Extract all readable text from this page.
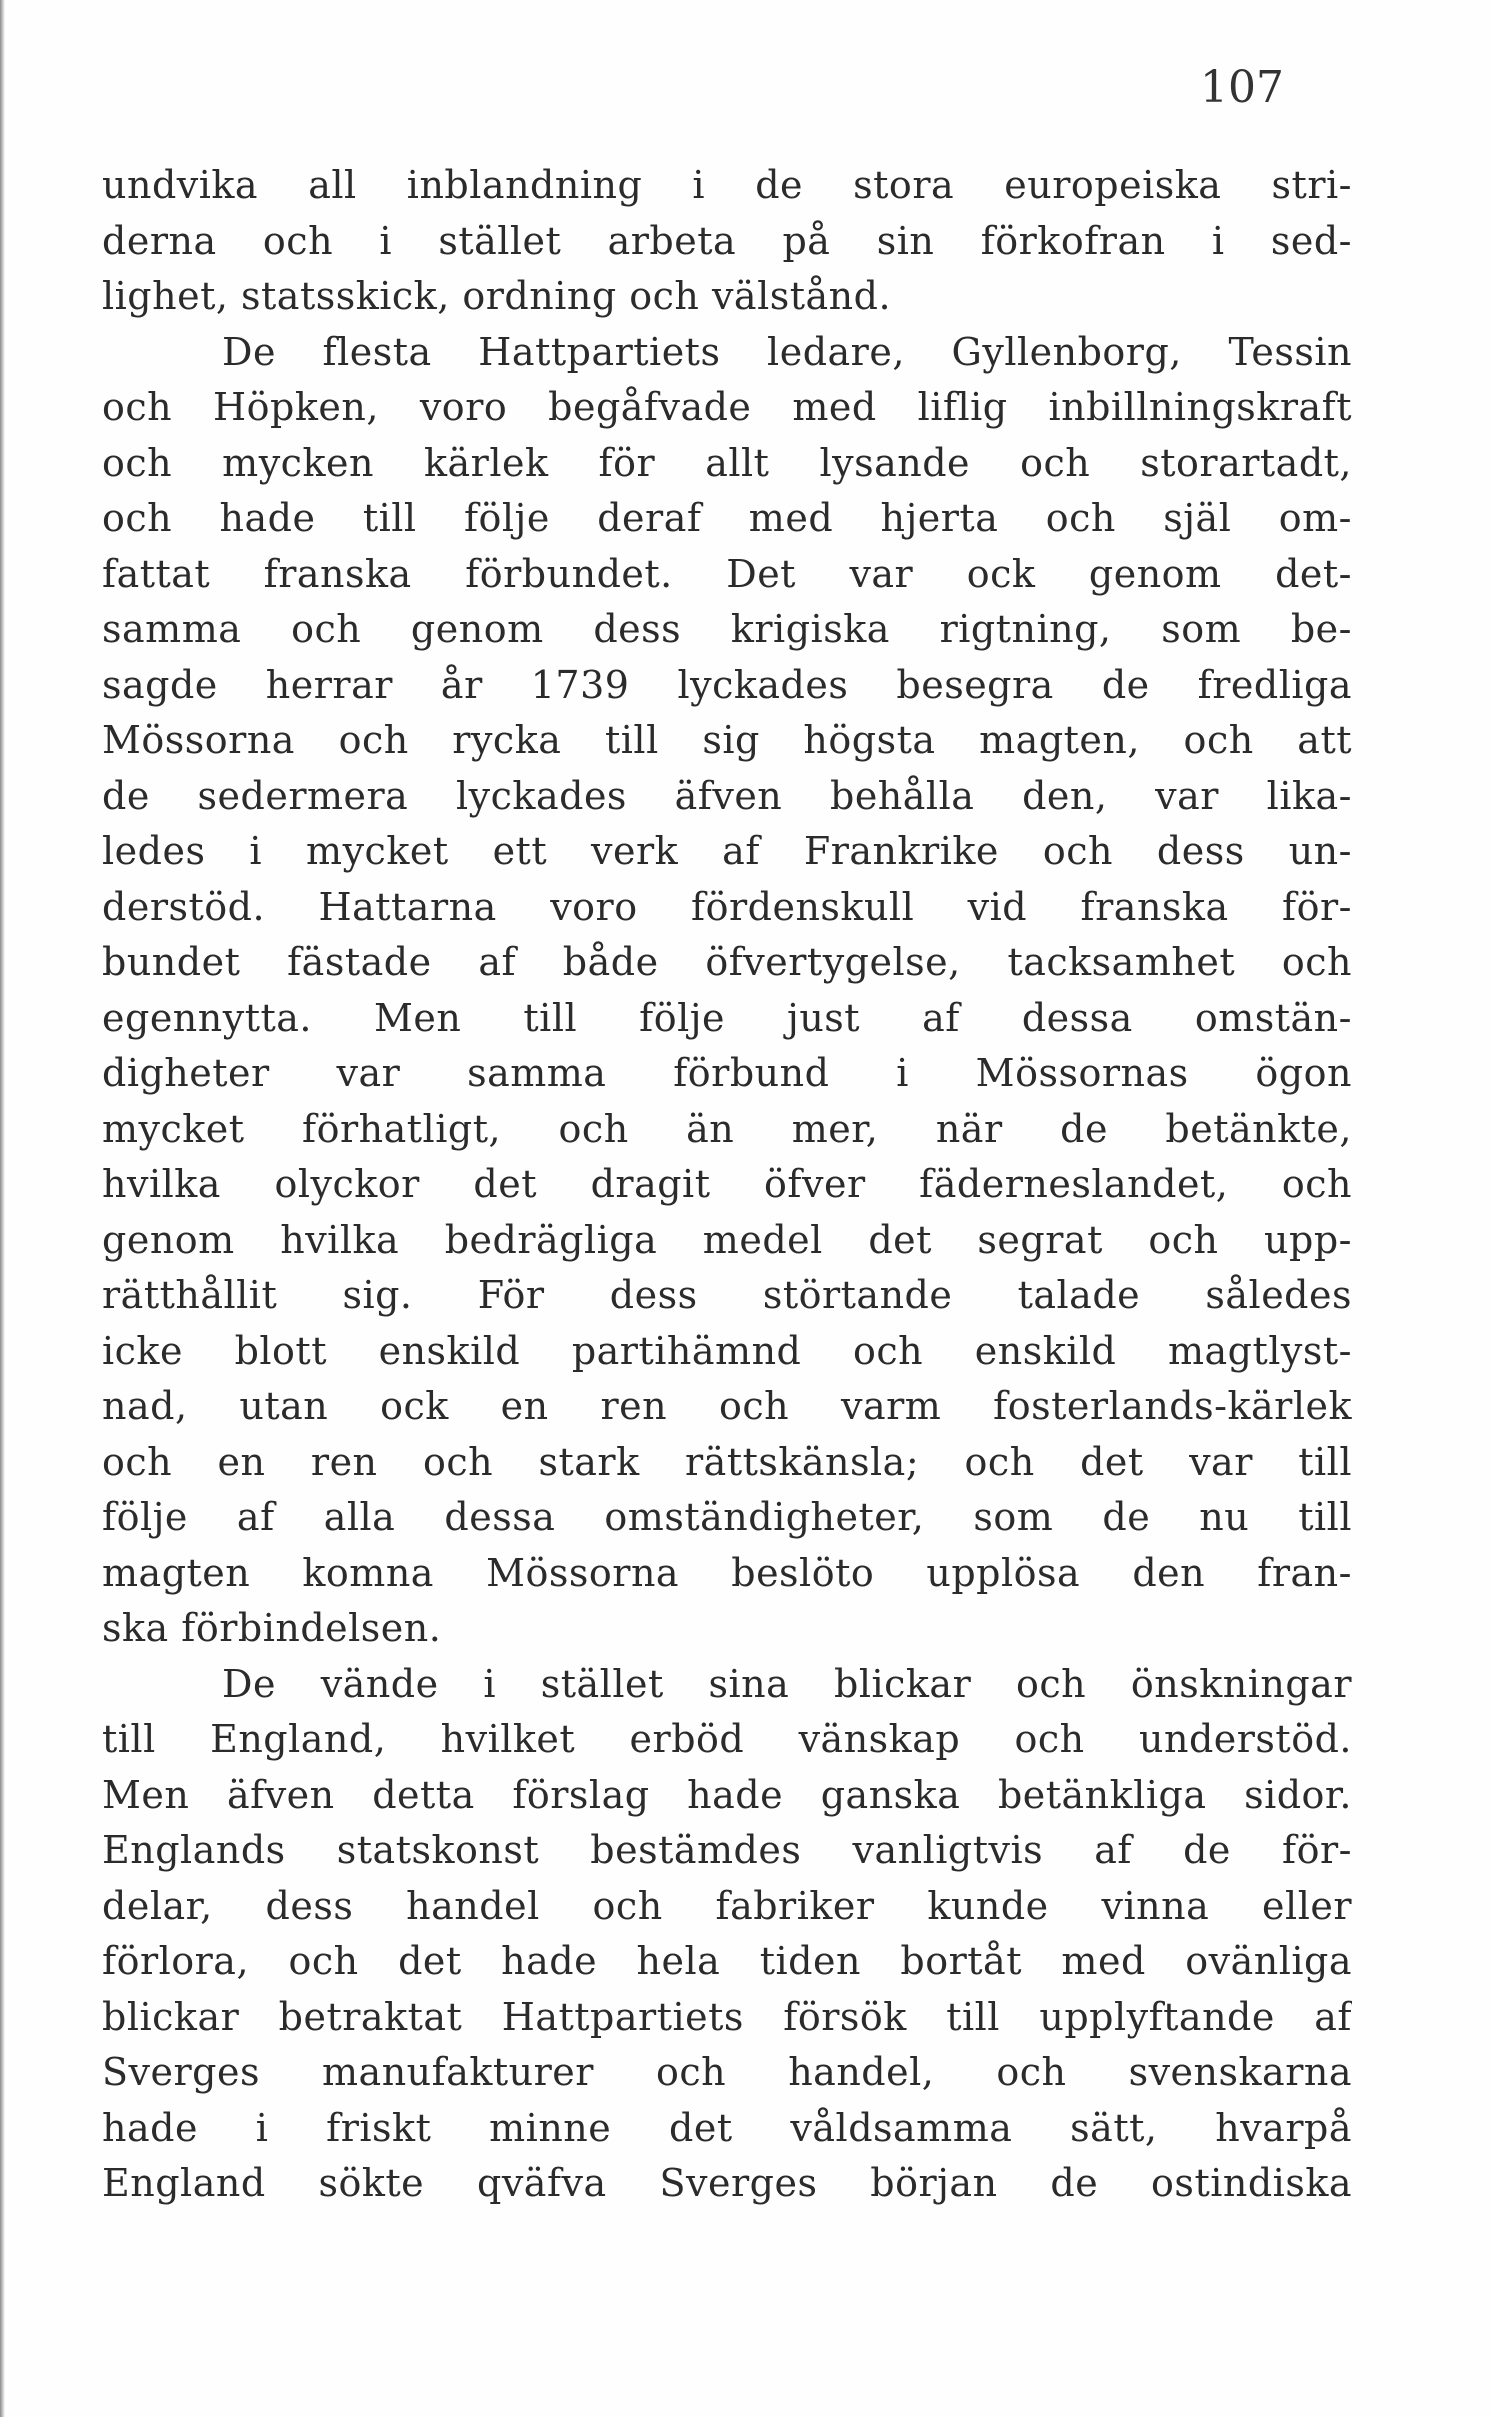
107
undvika all inblandning i de stora europeiska stri-
derna och i stället arbeta på sin förkofran i sed-
lighet, statsskick, ordning och välstånd.
De flesta Hattpartiets ledare, Gyllenborg, Tessin
och Höpken, voro begåfvade med liflig inbillningskraft
och mycken kärlek för allt lysande och storartadt,
och hade till följe deraf med hjerta och själ om-
fattat franska förbundet. Det var ock genom det-
samma och genom dess krigiska rigtning, som be-
sagde herrar år 1739 lyckades besegra de fredliga
Mössorna och rycka till sig högsta magten, och att
de sedermera lyckades äfven behålla den, var lika-
ledes i mycket ett verk af Frankrike och dess un-
derstöd. Hattarna voro fördenskull vid franska för-
bundet fästade af både öfvertygelse, tacksamhet och
egennytta. Men till följe just af dessa omstän-
digheter var samma förbund i Mössornas ögon
mycket förhatligt, och än mer, när de betänkte,
hvilka olyckor det dragit öfver fäderneslandet, och
genom hvilka bedrägliga medel det segrat och upp-
rätthållit sig. För dess störtande talade således
icke blott enskild partihämnd och enskild magtlyst-
nad, utan ock en ren och varm fosterlands-kärlek
och en ren och stark rättskänsla; och det var till
följe af alla dessa omständigheter, som de nu till
magten komna Mössorna beslöto upplösa den fran-
ska förbindelsen.
De vände i stället sina blickar och önskningar
till England, hvilket erböd vänskap och understöd.
Men äfven detta förslag hade ganska betänkliga sidor.
Englands statskonst bestämdes vanligtvis af de för-
delar, dess handel och fabriker kunde vinna eller
förlora, och det hade hela tiden bortåt med ovänliga
blickar betraktat Hattpartiets försök till upplyftande af
Sverges manufakturer och handel, och svenskarna
hade i friskt minne det våldsamma sätt, hvarpå
England sökte qväfva Sverges början de ostindiska
